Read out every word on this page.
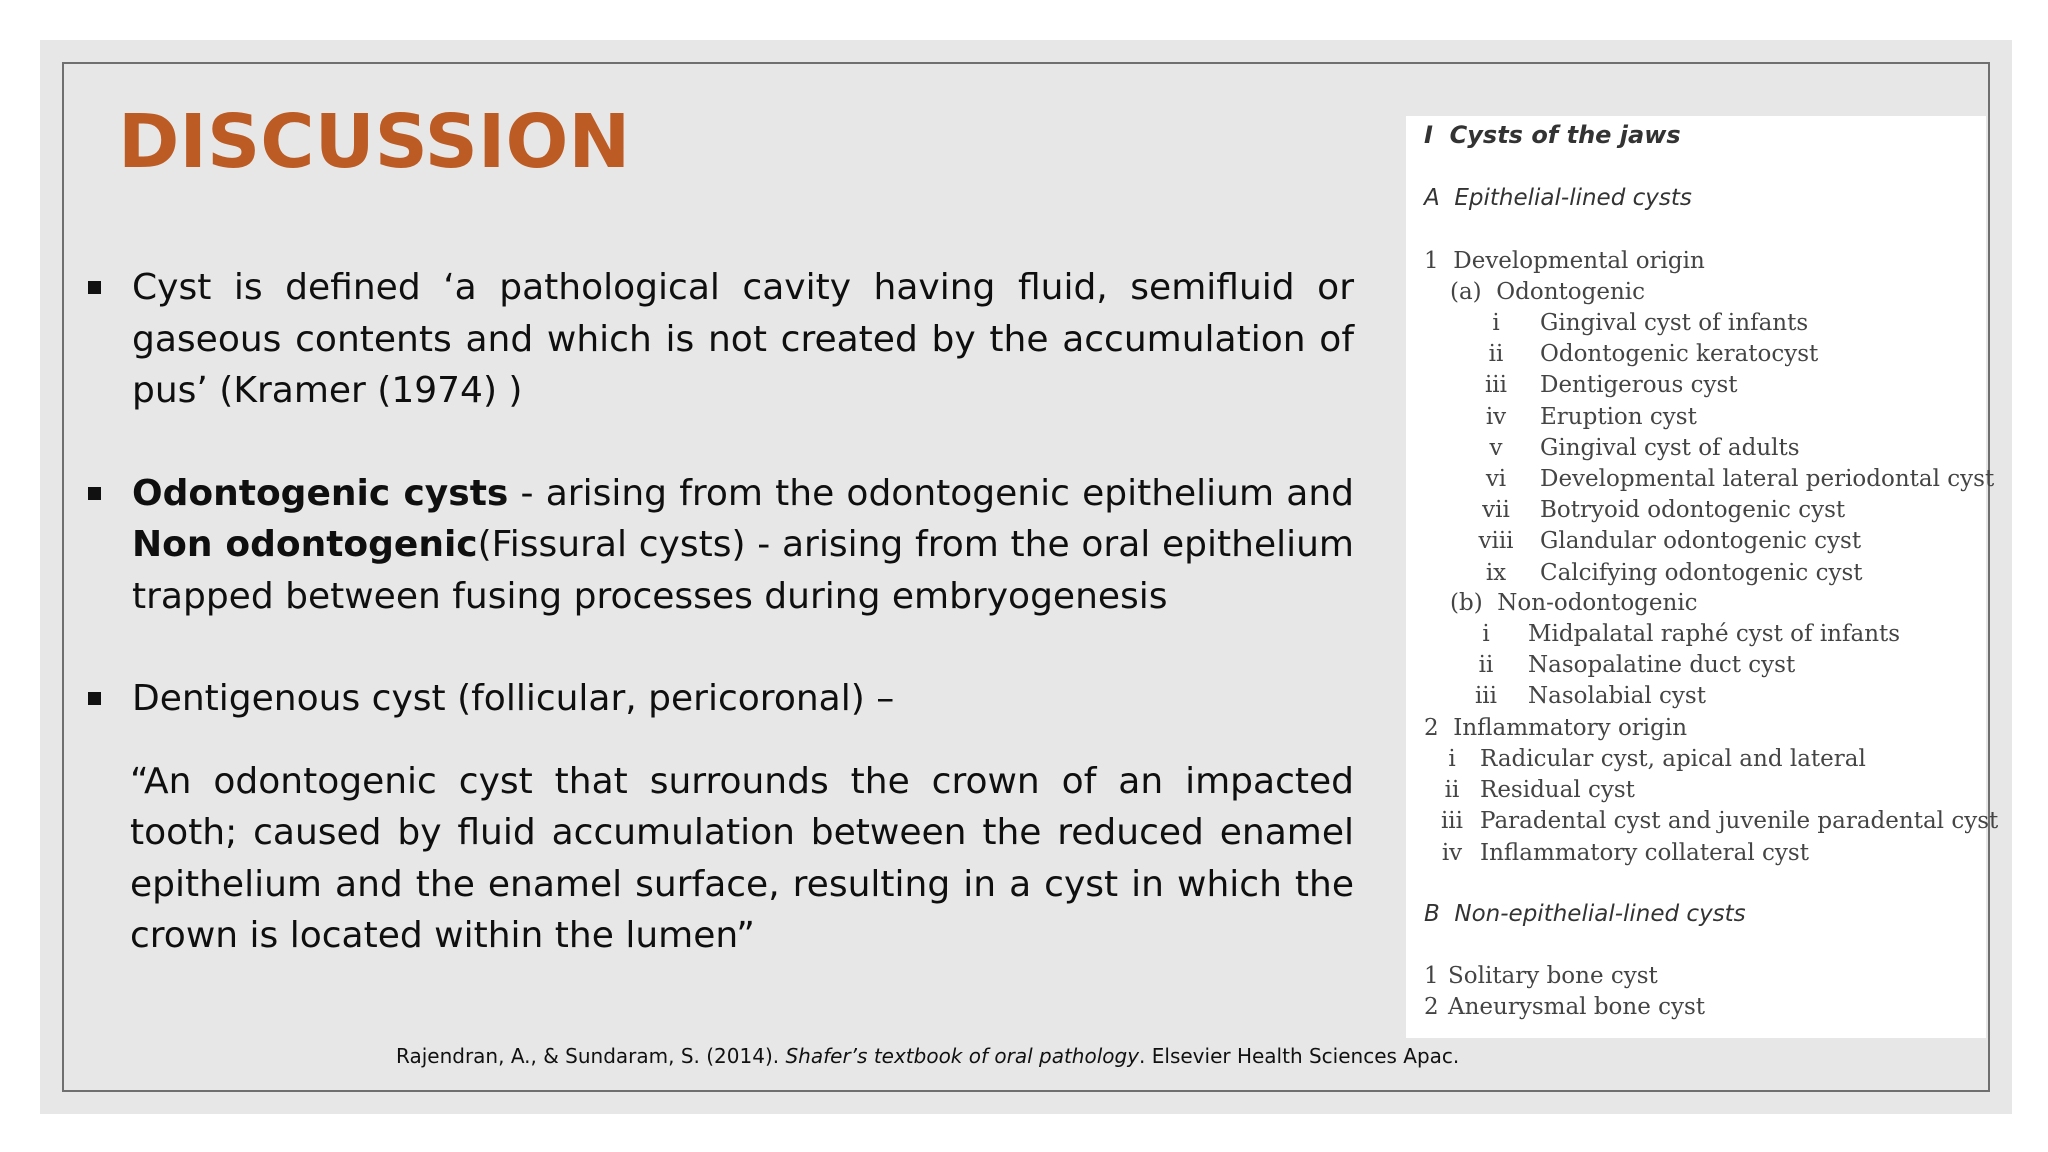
DISCUSSION
Cyst is defined ‘a pathological cavity having fluid, semifluid or gaseous contents and which is not created by the accumulation of pus’ (Kramer (1974) )
Odontogenic cysts - arising from the odontogenic epithelium and Non odontogenic(Fissural cysts) - arising from the oral epithelium trapped between fusing processes during embryogenesis
Dentigenous cyst (follicular, pericoronal) –
“An odontogenic cyst that surrounds the crown of an impacted tooth; caused by fluid accumulation between the reduced enamel epithelium and the enamel surface, resulting in a cyst in which the crown is located within the lumen”
Rajendran, A., & Sundaram, S. (2014). Shafer’s textbook of oral pathology. Elsevier Health Sciences Apac.
I Cysts of the jaws
A Epithelial-lined cysts
1 Developmental origin
(a) Odontogenic
i	Gingival cyst of infants
ii	Odontogenic keratocyst
iii	Dentigerous cyst
iv	Eruption cyst
v	Gingival cyst of adults
vi	Developmental lateral periodontal cyst
vii Botryoid odontogenic cyst
viii Glandular odontogenic cyst
ix	Calcifying odontogenic cyst
(b) Non-odontogenic
i	Midpalatal raphé cyst of infants
ii	Nasopalatine duct cyst
iii	Nasolabial cyst
2 Inflammatory origin
i	Radicular cyst, apical and lateral
ii Residual cyst
iii Paradental cyst and juvenile paradental cyst
iv Inflammatory collateral cyst
B Non-epithelial-lined cysts
1 Solitary bone cyst
2 Aneurysmal bone cyst
